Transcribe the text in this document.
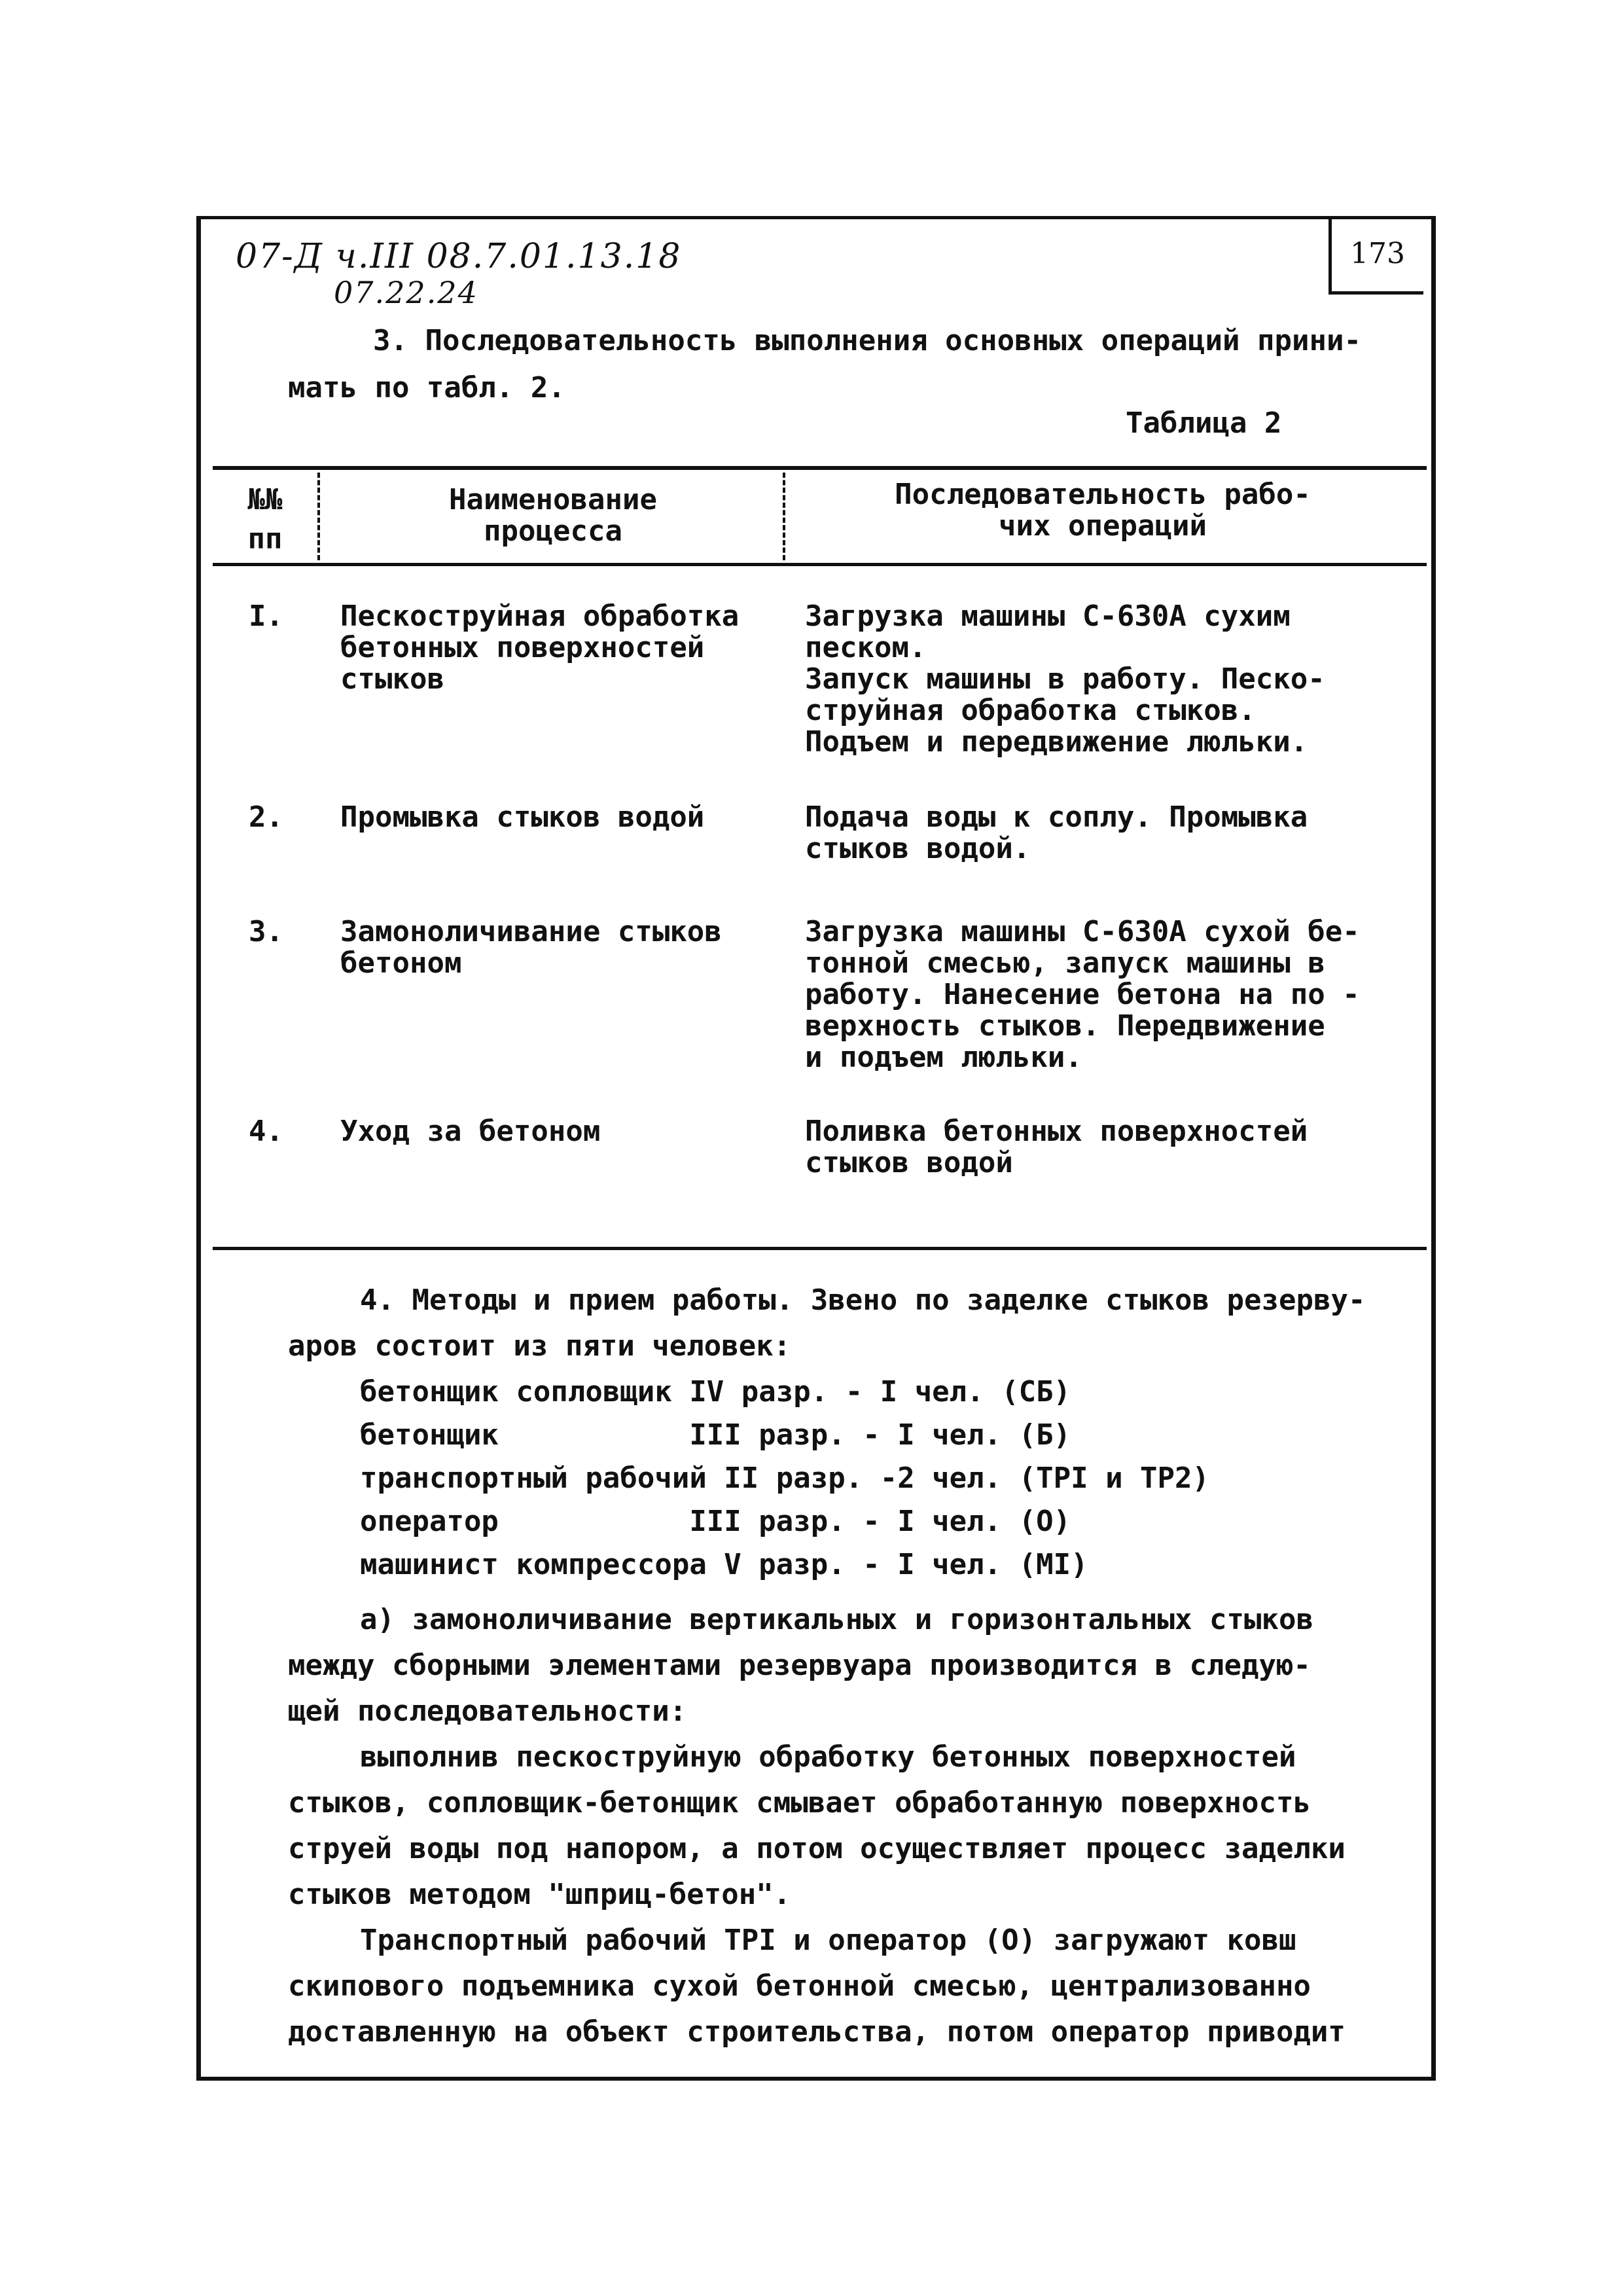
07-Д ч.III 08.7.01.13.18
07.22.24
173
3. Последовательность выполнения основных операций прини-
мать по табл. 2.
Таблица 2
№№
пп
Наименование
процесса
Последовательность рабо-
чих операций
I. Пескоструйная обработка
бетонных поверхностей
стыков
Загрузка машины С-630А сухим
песком.
Запуск машины в работу. Песко-
струйная обработка стыков.
Подъем и передвижение люльки.
2. Промывка стыков водой	Подача воды к соплу. Промывка
стыков водой.
3. Замоноличивание стыков
бетоном
Загрузка машины С-630А сухой бе-
тонной смесью, запуск машины в
работу. Нанесение бетона на по -
верхность стыков. Передвижение
и подъем люльки.
4. Уход за бетоном	Поливка бетонных поверхностей
стыков водой
4. Методы и прием работы. Звено по заделке стыков резерву-
аров состоит из пяти человек:
бетонщик сопловщик IV разр. - I чел. (СБ)
бетонщик           III разр. - I чел. (Б)
транспортный рабочий II разр. -2 чел. (ТРI и ТР2)
оператор           III разр. - I чел. (О)
машинист компрессора V разр. - I чел. (МI)
а) замоноличивание вертикальных и горизонтальных стыков
между сборными элементами резервуара производится в следую-
щей последовательности:
выполнив пескоструйную обработку бетонных поверхностей
стыков, сопловщик-бетонщик смывает обработанную поверхность
струей воды под напором, а потом осуществляет процесс заделки
стыков методом "шприц-бетон".
Транспортный рабочий ТРI и оператор (О) загружают ковш
скипового подъемника сухой бетонной смесью, централизованно
доставленную на объект строительства, потом оператор приводит
